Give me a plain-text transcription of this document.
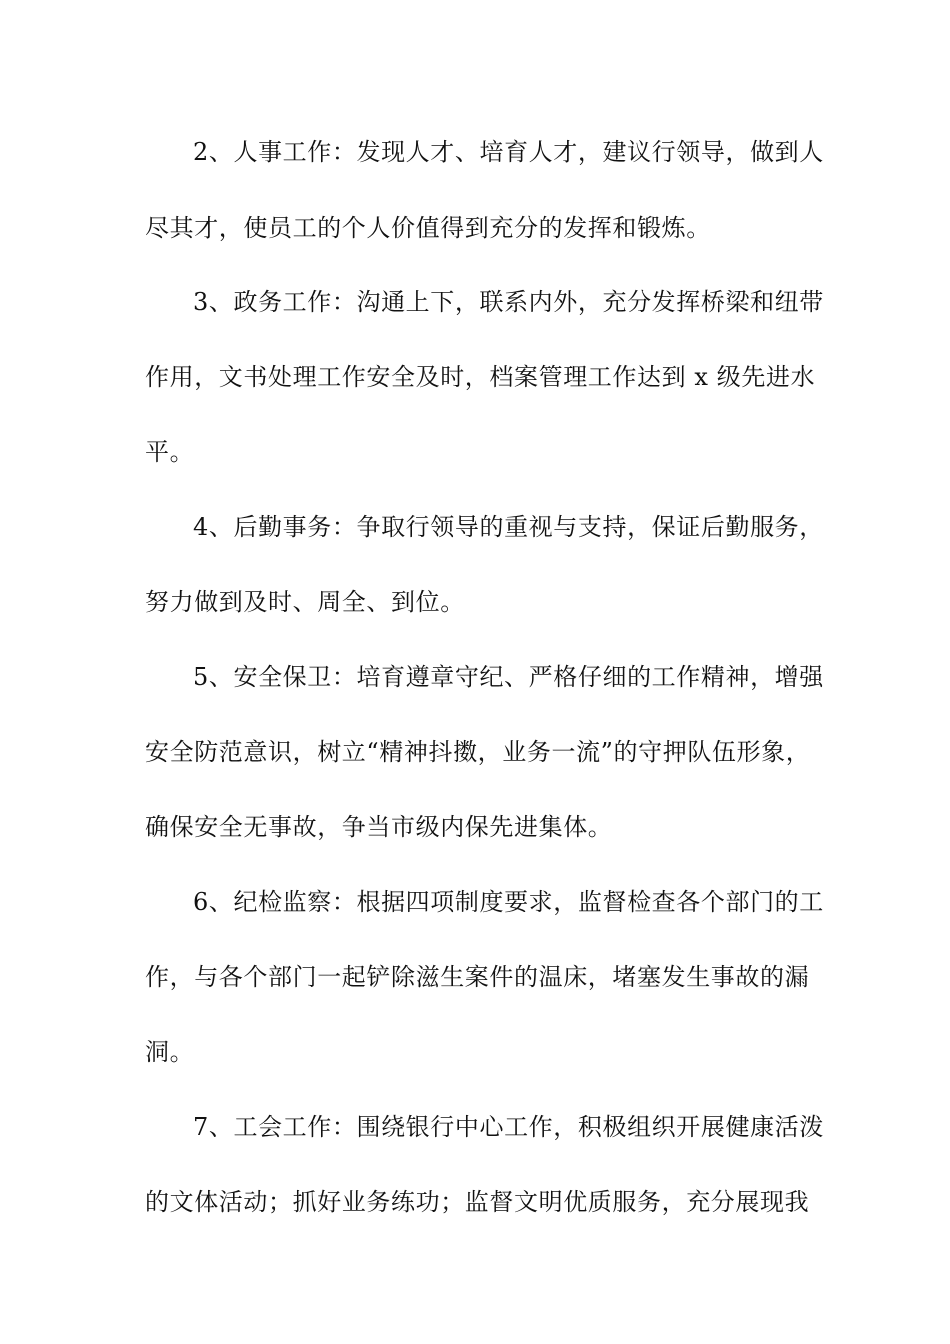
2、人事工作：发现人才、培育人才，建议行领导，做到人
尽其才，使员工的个人价值得到充分的发挥和锻炼。
3、政务工作：沟通上下，联系内外，充分发挥桥梁和纽带
作用，文书处理工作安全及时，档案管理工作达到 x 级先进水
平。
4、后勤事务：争取行领导的重视与支持，保证后勤服务，
努力做到及时、周全、到位。
5、安全保卫：培育遵章守纪、严格仔细的工作精神，增强
安全防范意识，树立“精神抖擞，业务一流”的守押队伍形象，
确保安全无事故，争当市级内保先进集体。
6、纪检监察：根据四项制度要求，监督检查各个部门的工
作，与各个部门一起铲除滋生案件的温床，堵塞发生事故的漏
洞。
7、工会工作：围绕银行中心工作，积极组织开展健康活泼
的文体活动；抓好业务练功；监督文明优质服务，充分展现我
